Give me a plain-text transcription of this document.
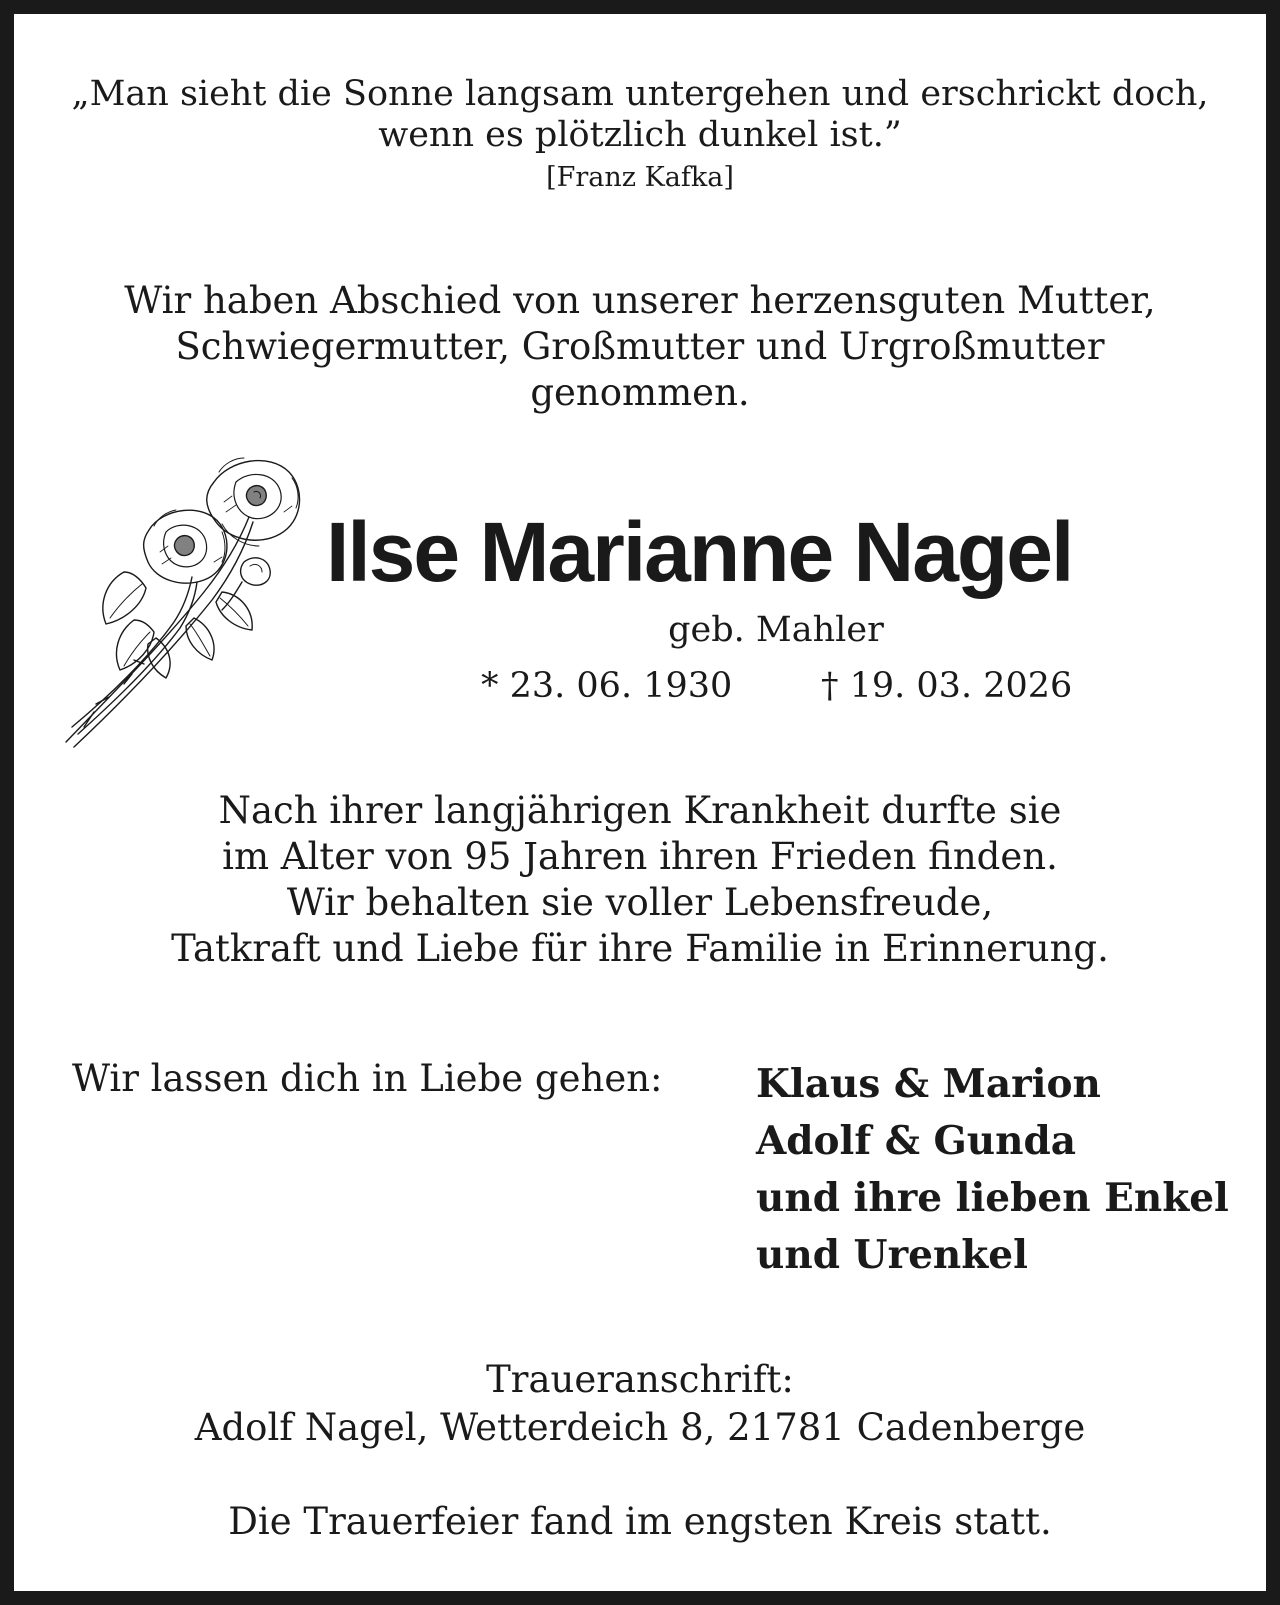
„Man sieht die Sonne langsam untergehen und erschrickt doch,
wenn es plötzlich dunkel ist.”
[Franz Kafka]
Wir haben Abschied von unserer herzensguten Mutter,
Schwiegermutter, Großmutter und Urgroßmutter
genommen.
Ilse Marianne Nagel
geb. Mahler
* 23. 06. 1930	† 19. 03. 2026
Nach ihrer langjährigen Krankheit durfte sie
im Alter von 95 Jahren ihren Frieden finden.
Wir behalten sie voller Lebensfreude,
Tatkraft und Liebe für ihre Familie in Erinnerung.
Wir lassen dich in Liebe gehen: Klaus & Marion
Adolf & Gunda
und ihre lieben Enkel
und Urenkel
Traueranschrift:
Adolf Nagel, Wetterdeich 8, 21781 Cadenberge
Die Trauerfeier fand im engsten Kreis statt.
